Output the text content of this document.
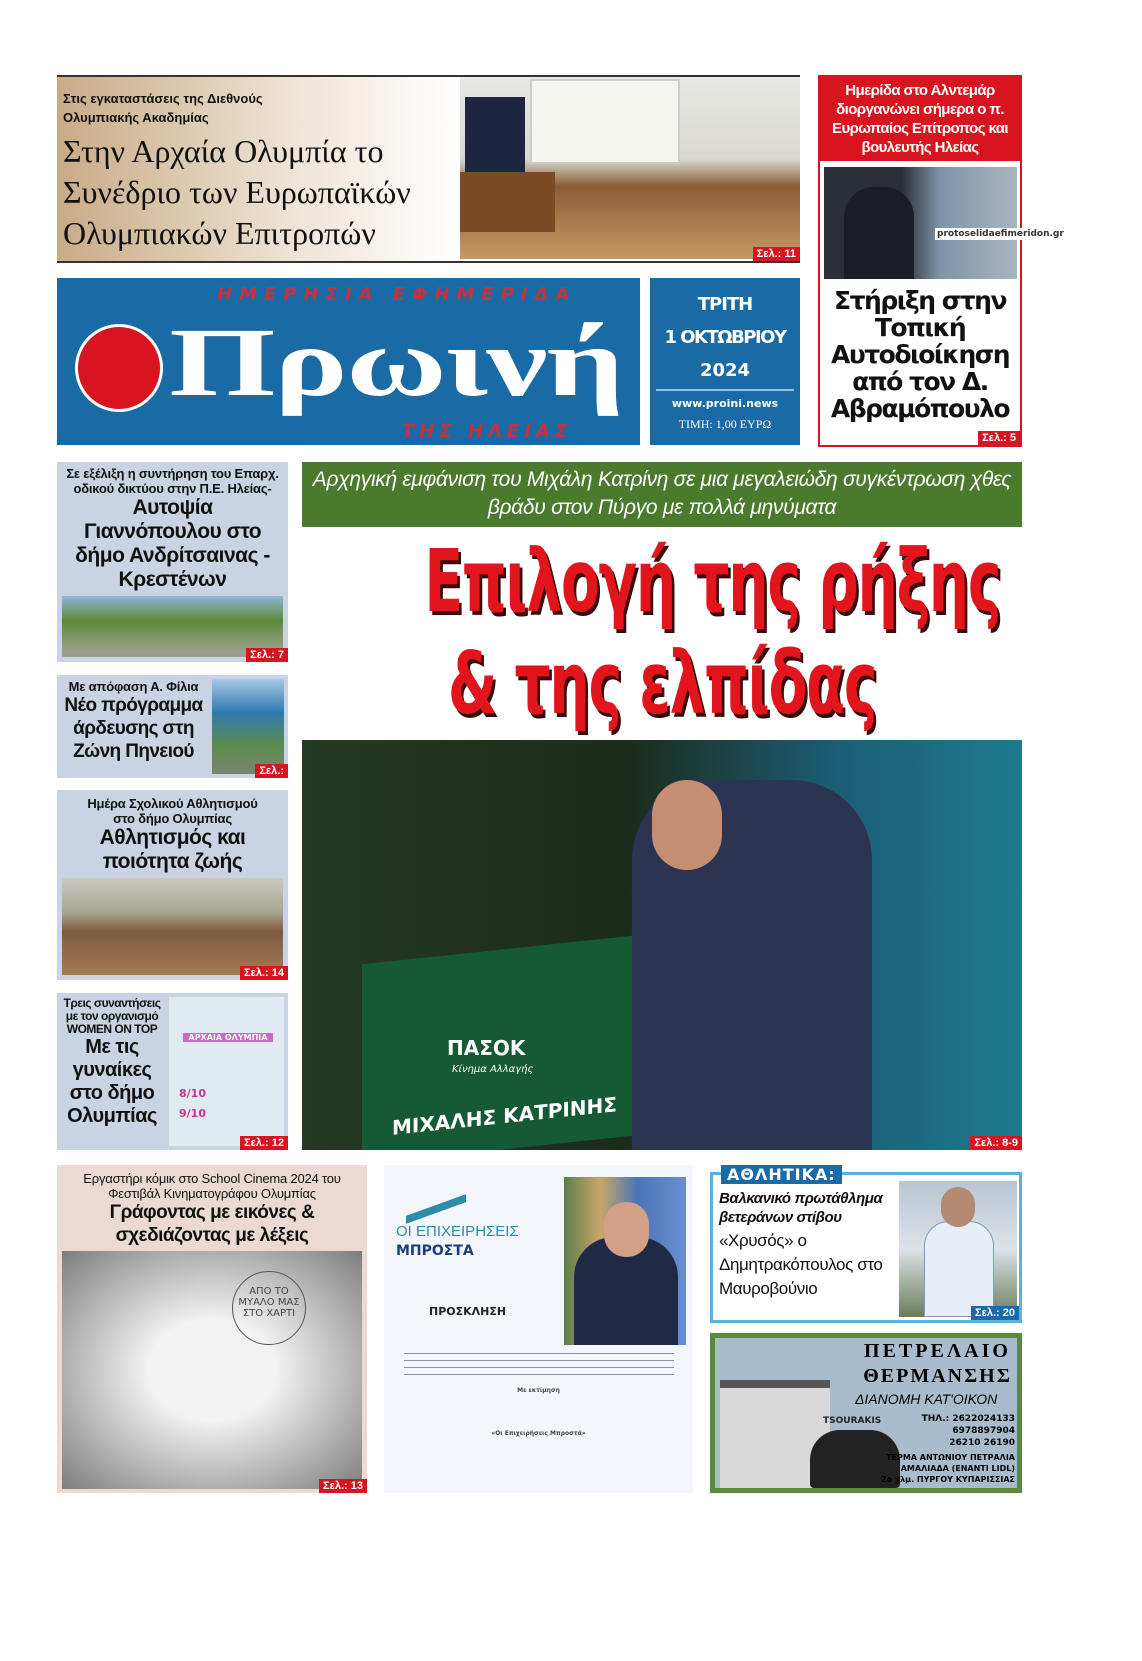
Στις εγκαταστάσεις της Διεθνούς Ολυμπιακής Ακαδημίας
Στην Αρχαία Ολυμπία το Συνέδριο των Ευρωπαϊκών Ολυμπιακών Επιτροπών
Σελ.: 11
Ημερίδα στο Αλντεμάρ διοργανώνει σήμερα ο π. Ευρωπαίος Επίτροπος και βουλευτής Ηλείας
protoselidaefimeridon.gr
Στήριξη στην Τοπική Αυτοδιοίκηση από τον Δ. Αβραμόπουλο
Σελ.: 5
ΗΜΕΡΗΣΙΑ ΕΦΗΜΕΡΙΔΑ
Πρωινή
ΤΗΣ ΗΛΕΙΑΣ
ΤΡΙΤΗ
1 ΟΚΤΩΒΡΙΟΥ
2024
www.proini.news
ΤΙΜΗ: 1,00 ΕΥΡΩ
Σε εξέλιξη η συντήρηση του Επαρχ. οδικού δικτύου στην Π.Ε. Ηλείας-
Αυτοψία Γιαννόπουλου στο δήμο Ανδρίτσαινας - Κρεστένων
Σελ.: 7
Με απόφαση Α. Φίλια
Νέο πρόγραμμα άρδευσης στη Ζώνη Πηνειού
Σελ.:
Ημέρα Σχολικού Αθλητισμού στο δήμο Ολυμπίας
Αθλητισμός και ποιότητα ζωής
Σελ.: 14
Τρεις συναντήσεις με τον οργανισμό WOMEN ON TOP
Με τις γυναίκες στο δήμο Ολυμπίας
ΑΡΧΑΙΑ ΟΛΥΜΠΙΑ
8/10
9/10
Σελ.: 12
Αρχηγική εμφάνιση του Μιχάλη Κατρίνη σε μια μεγαλειώδη συγκέντρωση χθες βράδυ στον Πύργο με πολλά μηνύματα
Επιλογή της ρήξης
& της ελπίδας
ΠΑΣΟΚ
Κίνημα Αλλαγής
ΜΙΧΑΛΗΣ ΚΑΤΡΙΝΗΣ
Σελ.: 8-9
Εργαστήρι κόμικ στο School Cinema 2024 του Φεστιβάλ Κινηματογράφου Ολυμπίας
Γράφοντας με εικόνες & σχεδιάζοντας με λέξεις
ΑΠΟ ΤΟ ΜΥΑΛΟ ΜΑΣ ΣΤΟ ΧΑΡΤΙ
Σελ.: 13
ΟΙ ΕΠΙΧΕΙΡΗΣΕΙΣ
ΜΠΡΟΣΤΑ
ΠΡΟΣΚΛΗΣΗ
Με εκτίμηση
«Οι Επιχειρήσεις Μπροστά»
ΑΘΛΗΤΙΚΑ:
Βαλκανικό πρωτάθλημα βετεράνων στίβου
«Χρυσός» ο Δημητρακόπουλος στο Μαυροβούνιο
Σελ.: 20
TSOURAKIS
ΠΕΤΡΕΛΑΙΟ
ΘΕΡΜΑΝΣΗΣ
ΔΙΑΝΟΜΗ ΚΑΤ'ΟΙΚΟΝ
ΤΗΛ.: 2622024133
6978897904
26210 26190
ΤΕΡΜΑ ΑΝΤΩΝΙΟΥ ΠΕΤΡΑΛΙΑ
ΑΜΑΛΙΑΔΑ (ΕΝΑΝΤΙ LIDL)
2ο χλμ. ΠΥΡΓΟΥ ΚΥΠΑΡΙΣΣΙΑΣ
